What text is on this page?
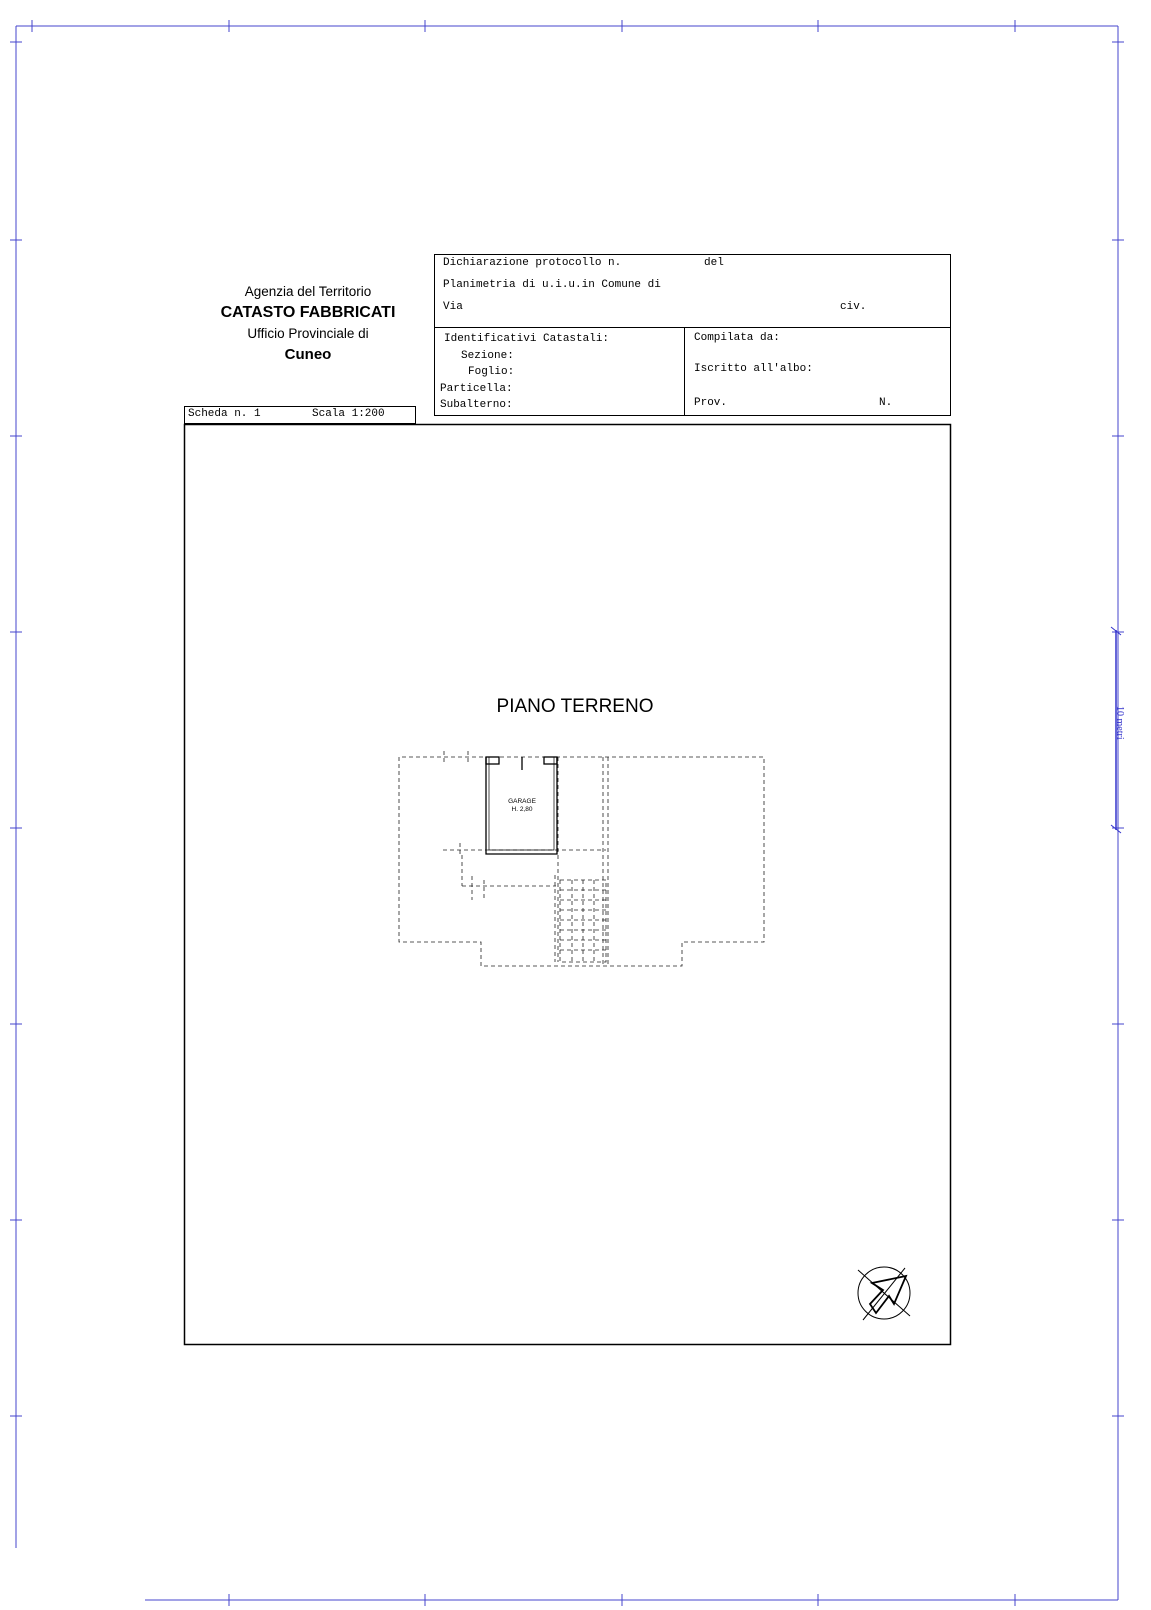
Agenzia del Territorio
CATASTO FABBRICATI
Ufficio Provinciale di
Cuneo
Dichiarazione protocollo n.	del
Planimetria di u.i.u.in Comune di
Via	civ.
Identificativi Catastali:
Sezione:
Foglio:
Particella:
Subalterno:
Compilata da:
Iscritto all'albo:
Prov.	N.
Scheda n. 1	Scala 1:200
PIANO TERRENO
GARAGE
H. 2,80
10 metri
